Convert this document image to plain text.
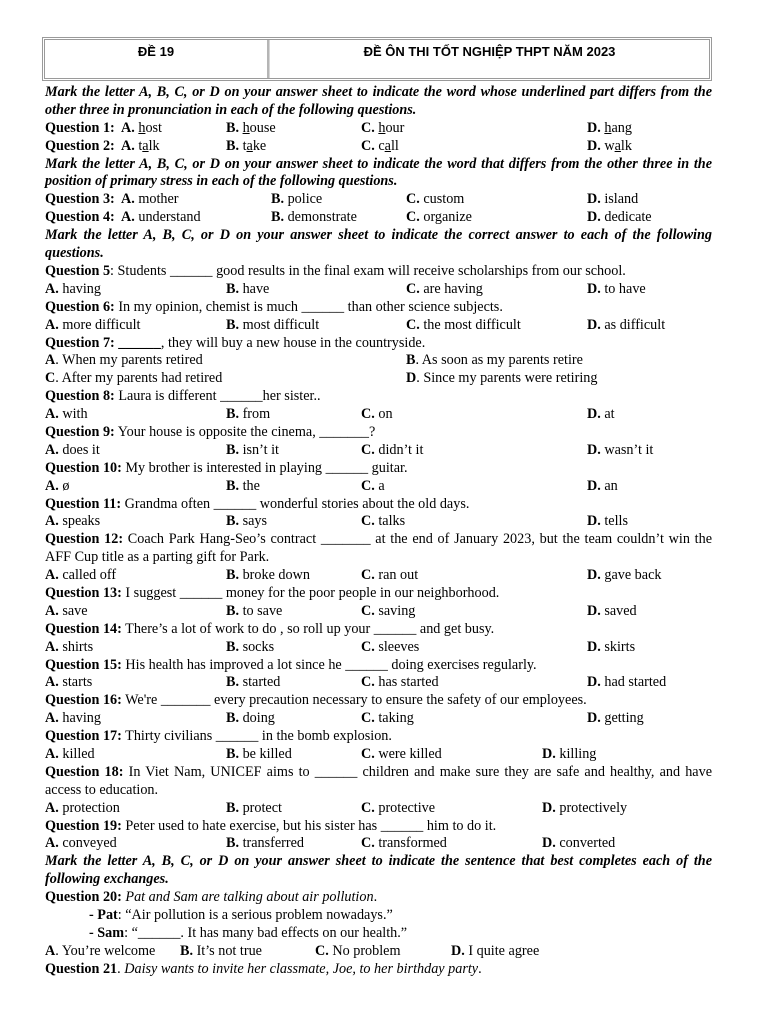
ĐỀ 19	ĐỀ ÔN THI TỐT NGHIỆP THPT NĂM 2023
Mark the letter A, B, C, or D on your answer sheet to indicate the word whose underlined part differs from the other three in pronunciation in each of the following questions.
Question 1: A. host	B. house	C. hour	D. hang
Question 2: A. talk	B. take	C. call	D. walk
Mark the letter A, B, C, or D on your answer sheet to indicate the word that differs from the other three in the position of primary stress in each of the following questions.
Question 3: A. mother	B. police	C. custom	D. island
Question 4: A. understand	B. demonstrate	C. organize	D. dedicate
Mark the letter A, B, C, or D on your answer sheet to indicate the correct answer to each of the following questions.
Question 5: Students ______ good results in the final exam will receive scholarships from our school.
A. having	B. have	C. are having	D. to have
Question 6: In my opinion, chemist is much ______ than other science subjects.
A. more difficult	B. most difficult	C. the most difficult	D. as difficult
Question 7: ______, they will buy a new house in the countryside.
A. When my parents retired	B. As soon as my parents retire
C. After my parents had retired	D. Since my parents were retiring
Question 8: Laura is different ______her sister..
A. with	B. from	C. on	D. at
Question 9: Your house is opposite the cinema, _______?
A. does it	B. isn’t it	C. didn’t it	D. wasn’t it
Question 10: My brother is interested in playing ______ guitar.
A. ø	B. the	C. a	D. an
Question 11: Grandma often ______ wonderful stories about the old days.
A. speaks	B. says	C. talks	D. tells
Question 12: Coach Park Hang-Seo’s contract _______ at the end of January 2023, but the team couldn’t win the AFF Cup title as a parting gift for Park.
A. called off	B. broke down	C. ran out	D. gave back
Question 13: I suggest ______ money for the poor people in our neighborhood.
A. save	B. to save	C. saving	D. saved
Question 14: There’s a lot of work to do , so roll up your ______ and get busy.
A. shirts	B. socks	C. sleeves	D. skirts
Question 15: His health has improved a lot since he ______ doing exercises regularly.
A. starts	B. started	C. has started	D. had started
Question 16: We're _______ every precaution necessary to ensure the safety of our employees.
A. having	B. doing	C. taking	D. getting
Question 17: Thirty civilians ______ in the bomb explosion.
A. killed	B. be killed	C. were killed	D. killing
Question 18: In Viet Nam, UNICEF aims to ______ children and make sure they are safe and healthy, and have access to education.
A. protection	B. protect	C. protective	D. protectively
Question 19: Peter used to hate exercise, but his sister has ______ him to do it.
A. conveyed	B. transferred	C. transformed	D. converted
Mark the letter A, B, C, or D on your answer sheet to indicate the sentence that best completes each of the following exchanges.
Question 20: Pat and Sam are talking about air pollution.
- Pat: “Air pollution is a serious problem nowadays.”
- Sam: “______. It has many bad effects on our health.”
A. You’re welcome B. It’s not true	C. No problem	D. I quite agree
Question 21. Daisy wants to invite her classmate, Joe, to her birthday party.
